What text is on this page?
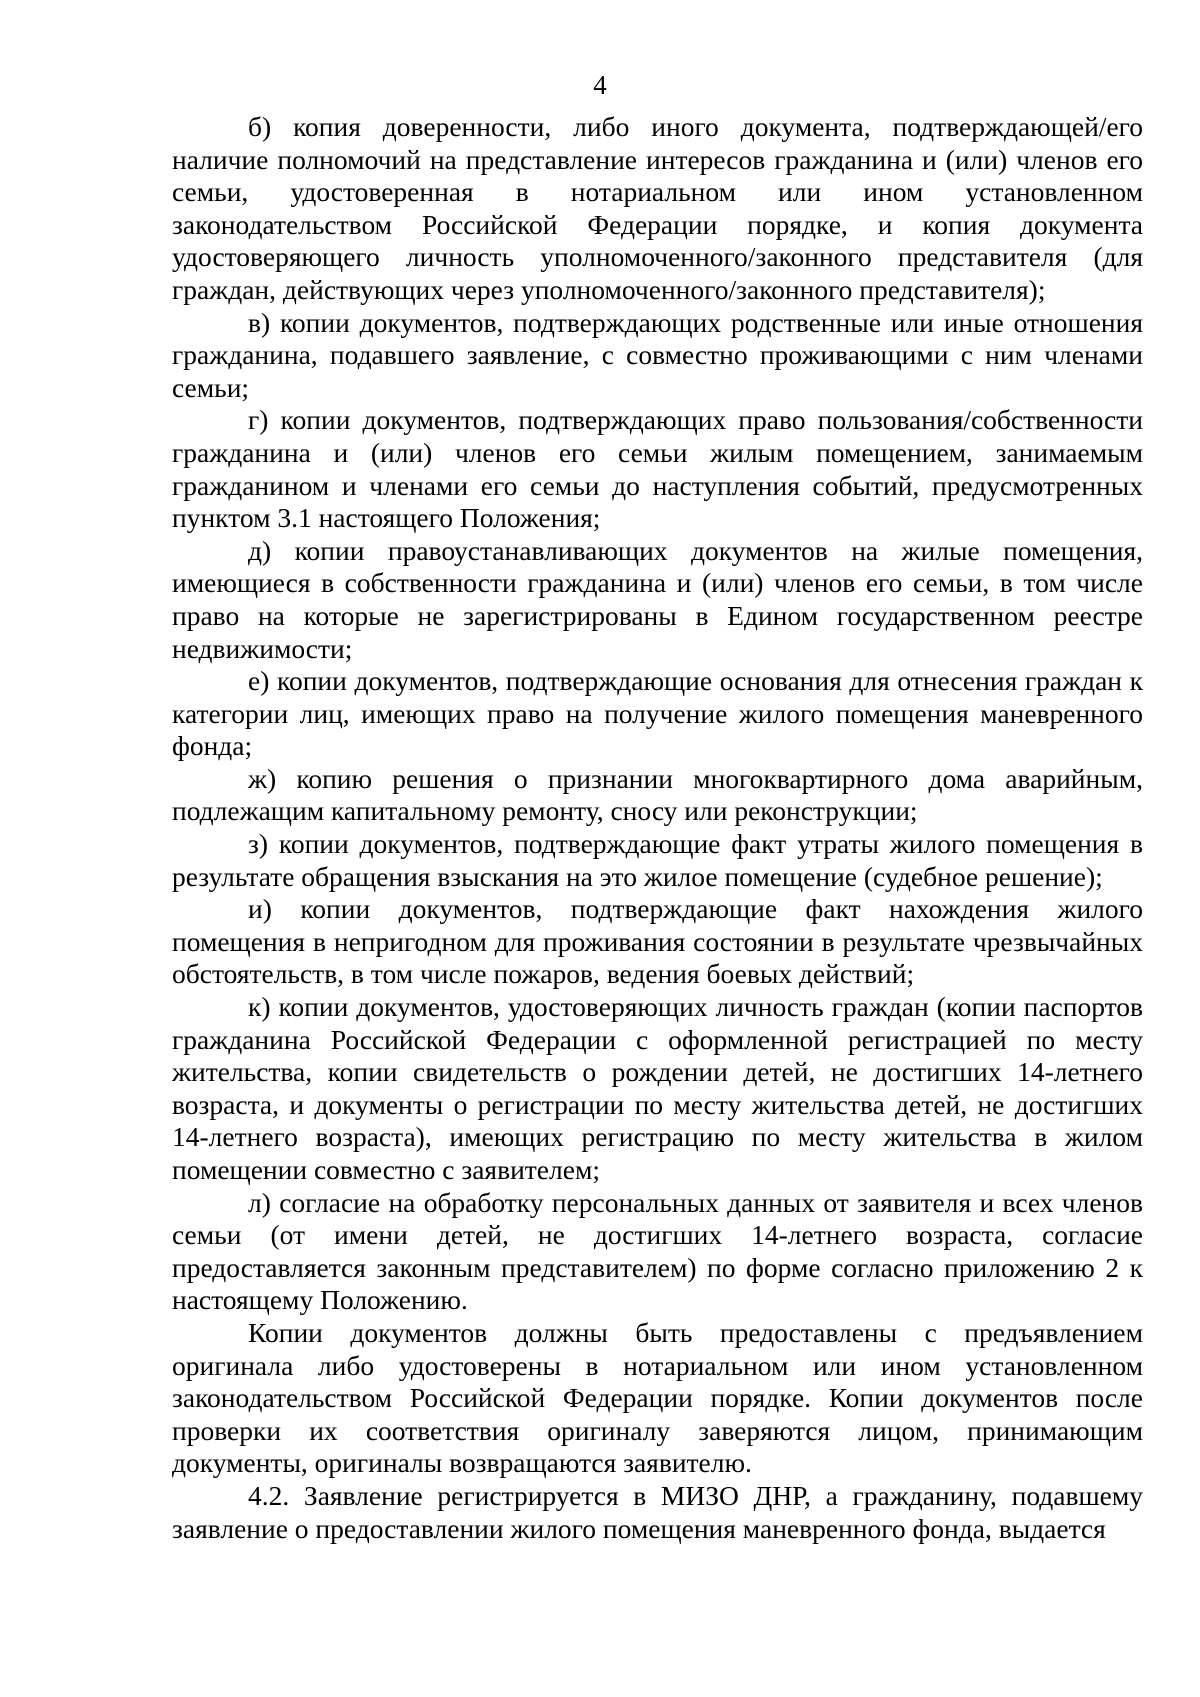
4

б) копия доверенности, либо иного документа, подтверждающей/его наличие полномочий на представление интересов гражданина и (или) членов его семьи, удостоверенная в нотариальном или ином установленном законодательством Российской Федерации порядке, и копия документа удостоверяющего личность уполномоченного/законного представителя (для граждан, действующих через уполномоченного/законного представителя);

в) копии документов, подтверждающих родственные или иные отношения гражданина, подавшего заявление, с совместно проживающими с ним членами семьи;

г) копии документов, подтверждающих право пользования/собственности гражданина и (или) членов его семьи жилым помещением, занимаемым гражданином и членами его семьи до наступления событий, предусмотренных пунктом 3.1 настоящего Положения;

д) копии правоустанавливающих документов на жилые помещения, имеющиеся в собственности гражданина и (или) членов его семьи, в том числе право на которые не зарегистрированы в Едином государственном реестре недвижимости;

е) копии документов, подтверждающие основания для отнесения граждан к категории лиц, имеющих право на получение жилого помещения маневренного фонда;

ж) копию решения о признании многоквартирного дома аварийным, подлежащим капитальному ремонту, сносу или реконструкции;

з) копии документов, подтверждающие факт утраты жилого помещения в результате обращения взыскания на это жилое помещение (судебное решение);

и) копии документов, подтверждающие факт нахождения жилого помещения в непригодном для проживания состоянии в результате чрезвычайных обстоятельств, в том числе пожаров, ведения боевых действий;

к) копии документов, удостоверяющих личность граждан (копии паспортов гражданина Российской Федерации с оформленной регистрацией по месту жительства, копии свидетельств о рождении детей, не достигших 14-летнего возраста, и документы о регистрации по месту жительства детей, не достигших 14-летнего возраста), имеющих регистрацию по месту жительства в жилом помещении совместно с заявителем;

л) согласие на обработку персональных данных от заявителя и всех членов семьи (от имени детей, не достигших 14-летнего возраста, согласие предоставляется законным представителем) по форме согласно приложению 2 к настоящему Положению.

Копии документов должны быть предоставлены с предъявлением оригинала либо удостоверены в нотариальном или ином установленном законодательством Российской Федерации порядке. Копии документов после проверки их соответствия оригиналу заверяются лицом, принимающим документы, оригиналы возвращаются заявителю.

4.2. Заявление регистрируется в МИЗО ДНР, а гражданину, подавшему заявление о предоставлении жилого помещения маневренного фонда, выдается
